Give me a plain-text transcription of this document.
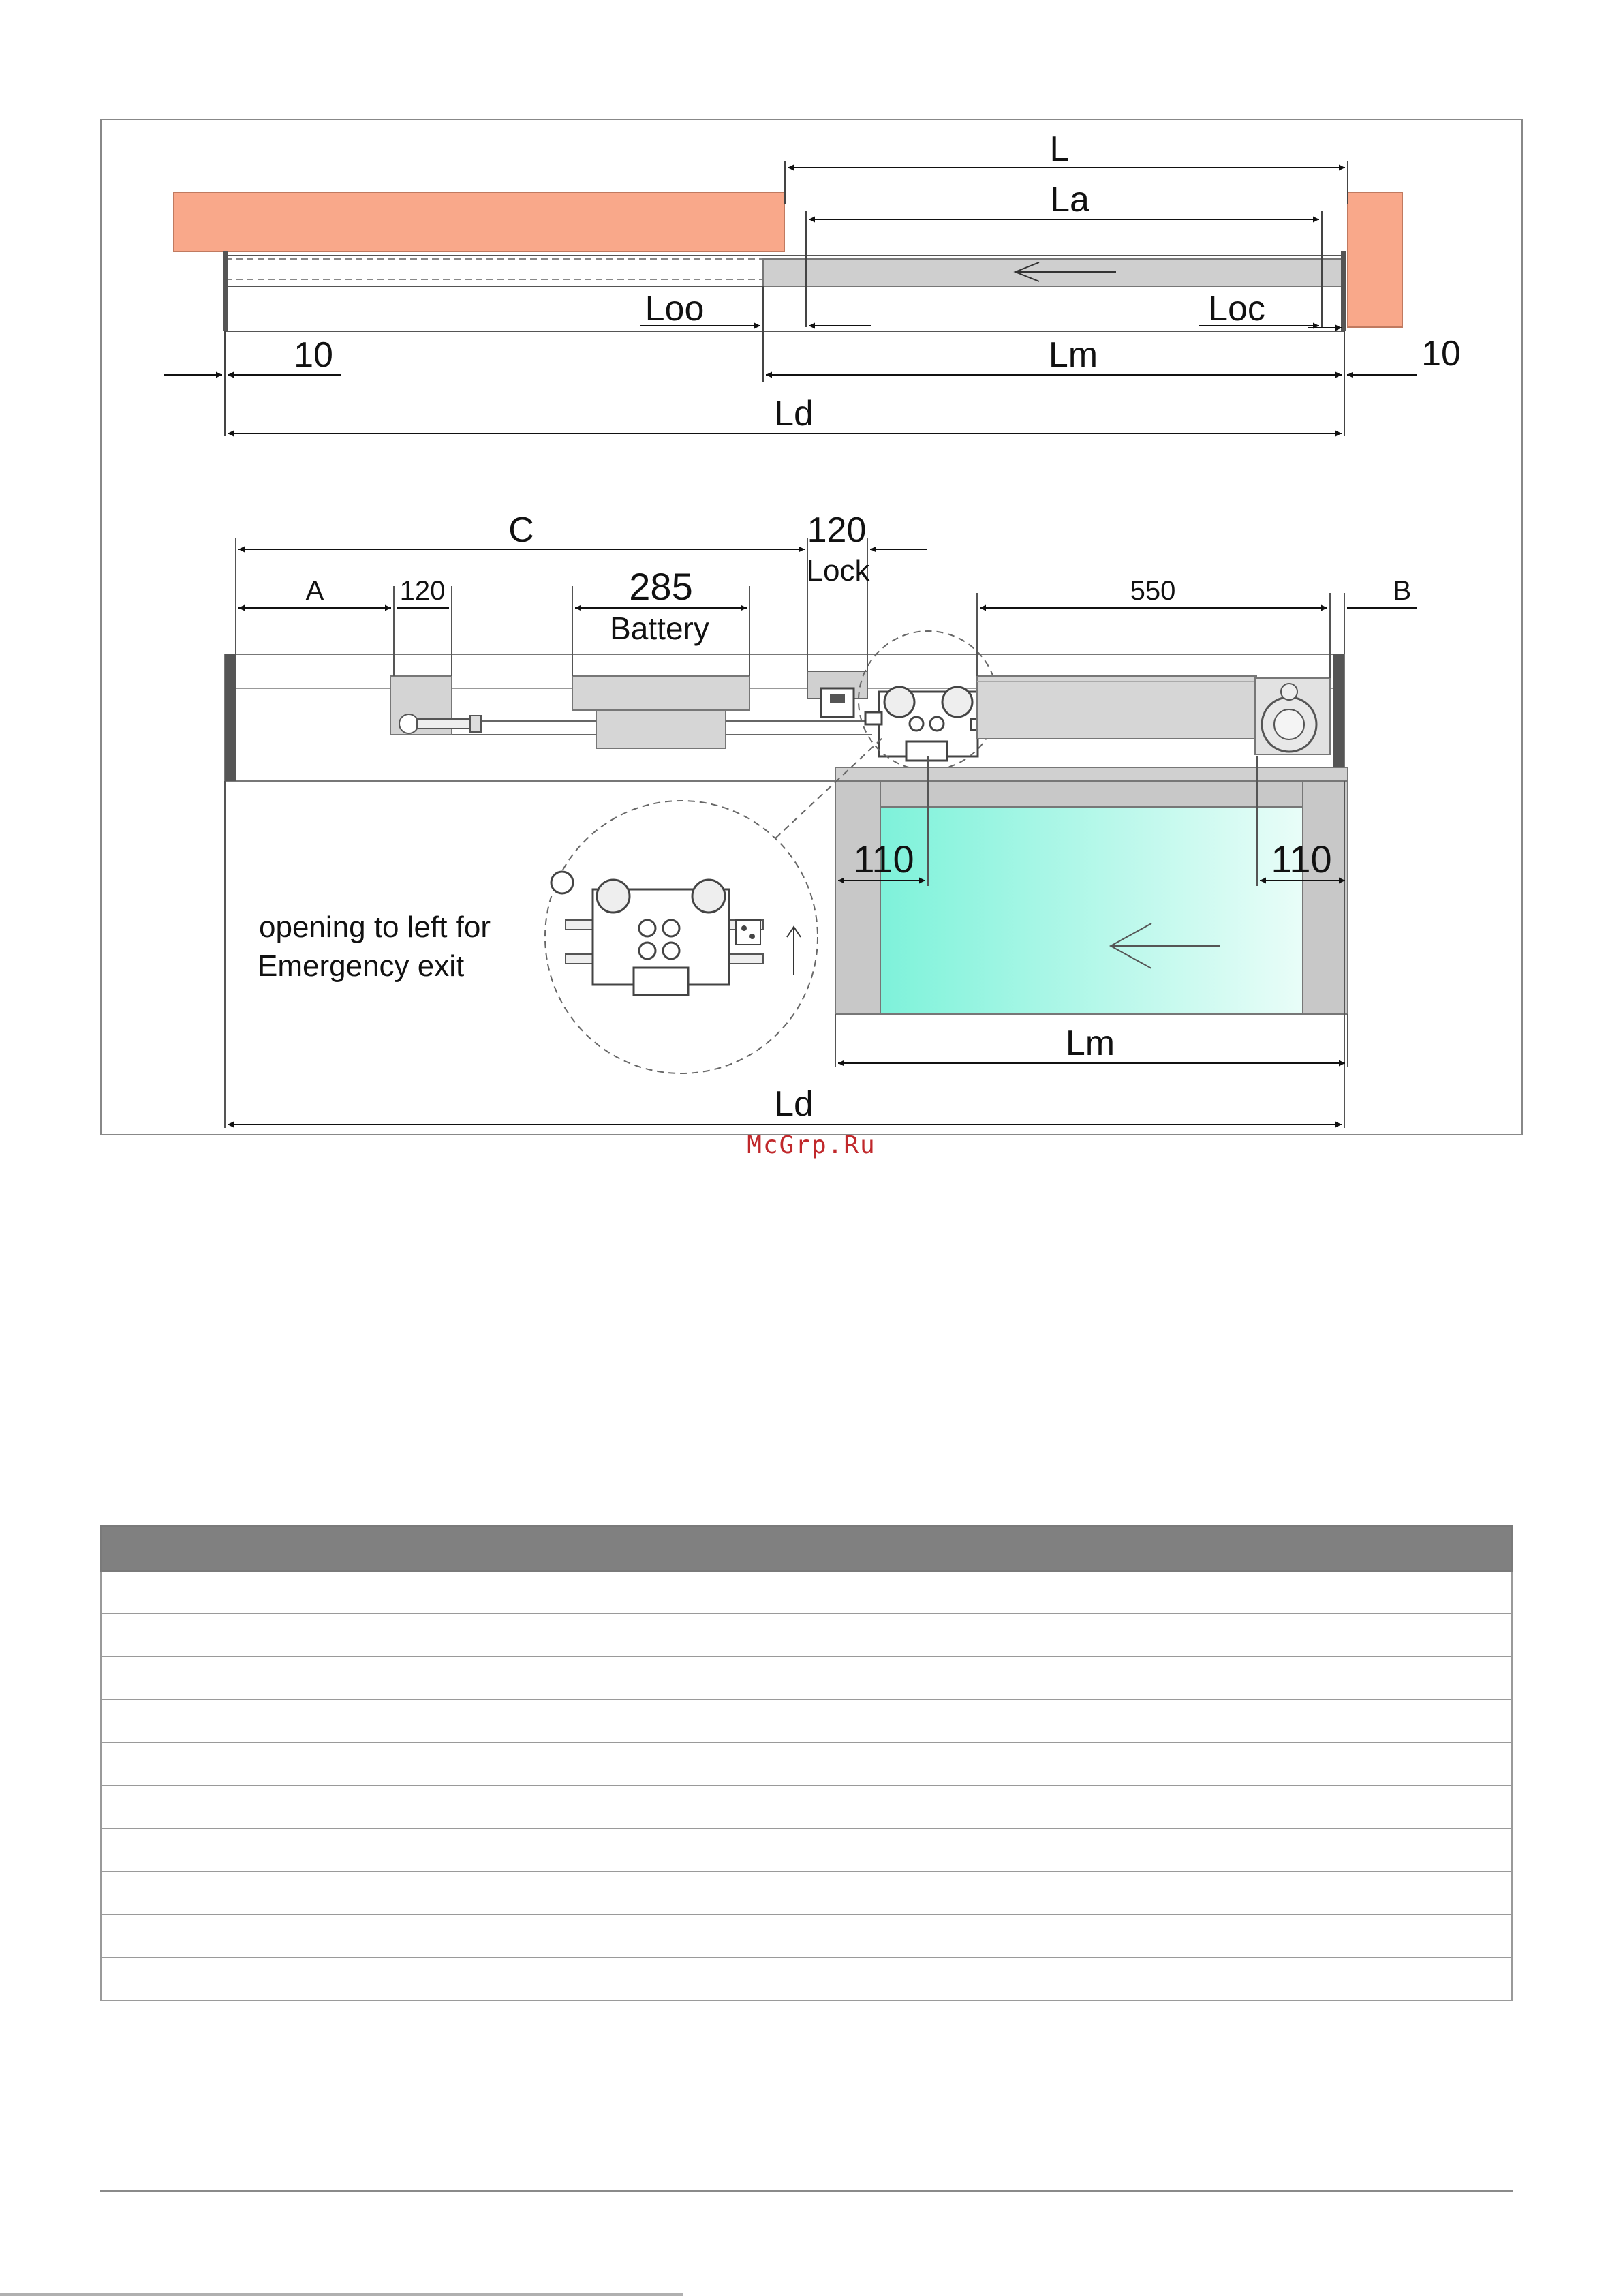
L
La
Loo	Loc
Lm
10	10
Ld
C	120
Lock
A	120	285
Battery
550	B
110	110
Lm
Ld
opening to left for
Emergency exit
McGrp.Ru
